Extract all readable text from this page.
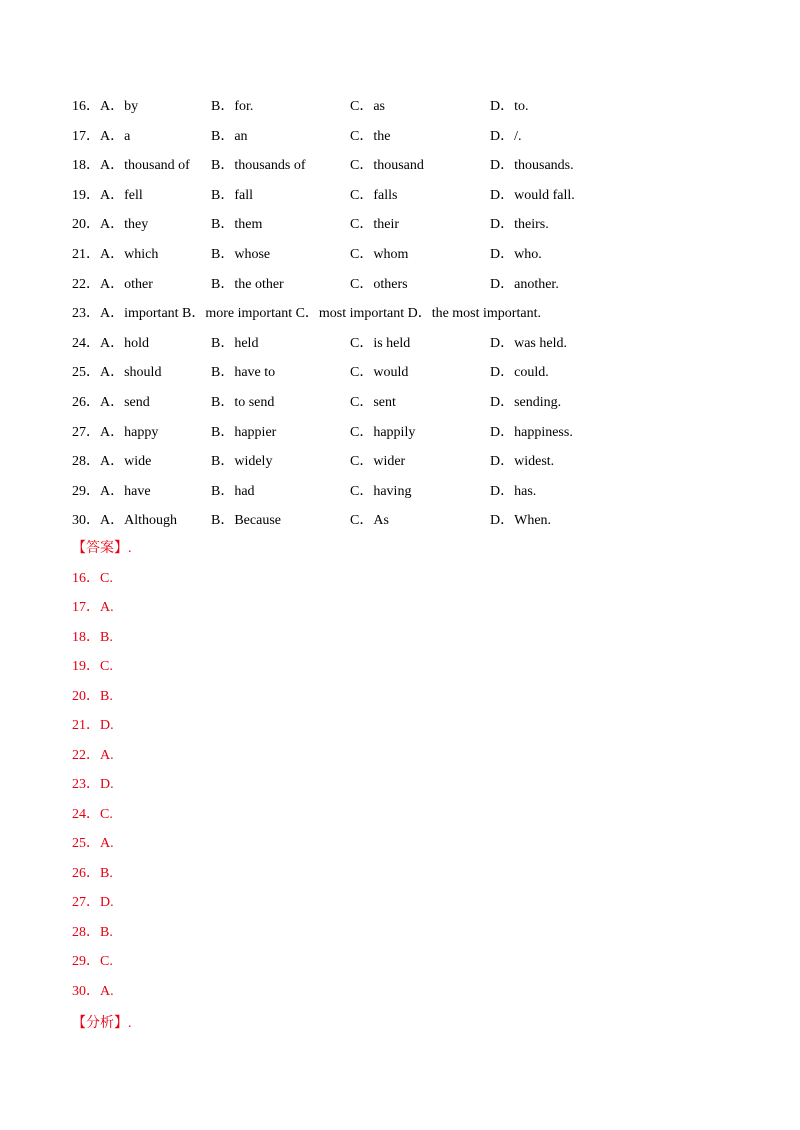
16． A．by	B．for.	C．as	D．to.
17． A．a	B．an	C．the	D．/.
18． A．thousand of B．thousands of	C．thousand	D．thousands.
19． A．fell	B．fall	C．falls	D．would fall.
20． A．they	B．them	C．their	D．theirs.
21． A．which	B．whose	C．whom	D．who.
22． A．other	B．the other	C．others	D．another.
23．A．important B．more important C．most important D．the most important.
24． A．hold	B．held	C．is held	D．was held.
25． A．should	B．have to	C．would	D．could.
26． A．send	B．to send	C．sent	D．sending.
27． A．happy	B．happier	C．happily	D．happiness.
28． A．wide	B．widely	C．wider	D．widest.
29． A．have	B．had	C．having	D．has.
30． A．Although B．Because	C．As	D．When.
【答案】.
16．C.
17．A.
18．B.
19．C.
20．B.
21．D.
22．A.
23．D.
24．C.
25．A.
26．B.
27．D.
28．B.
29．C.
30．A.
【分析】.
